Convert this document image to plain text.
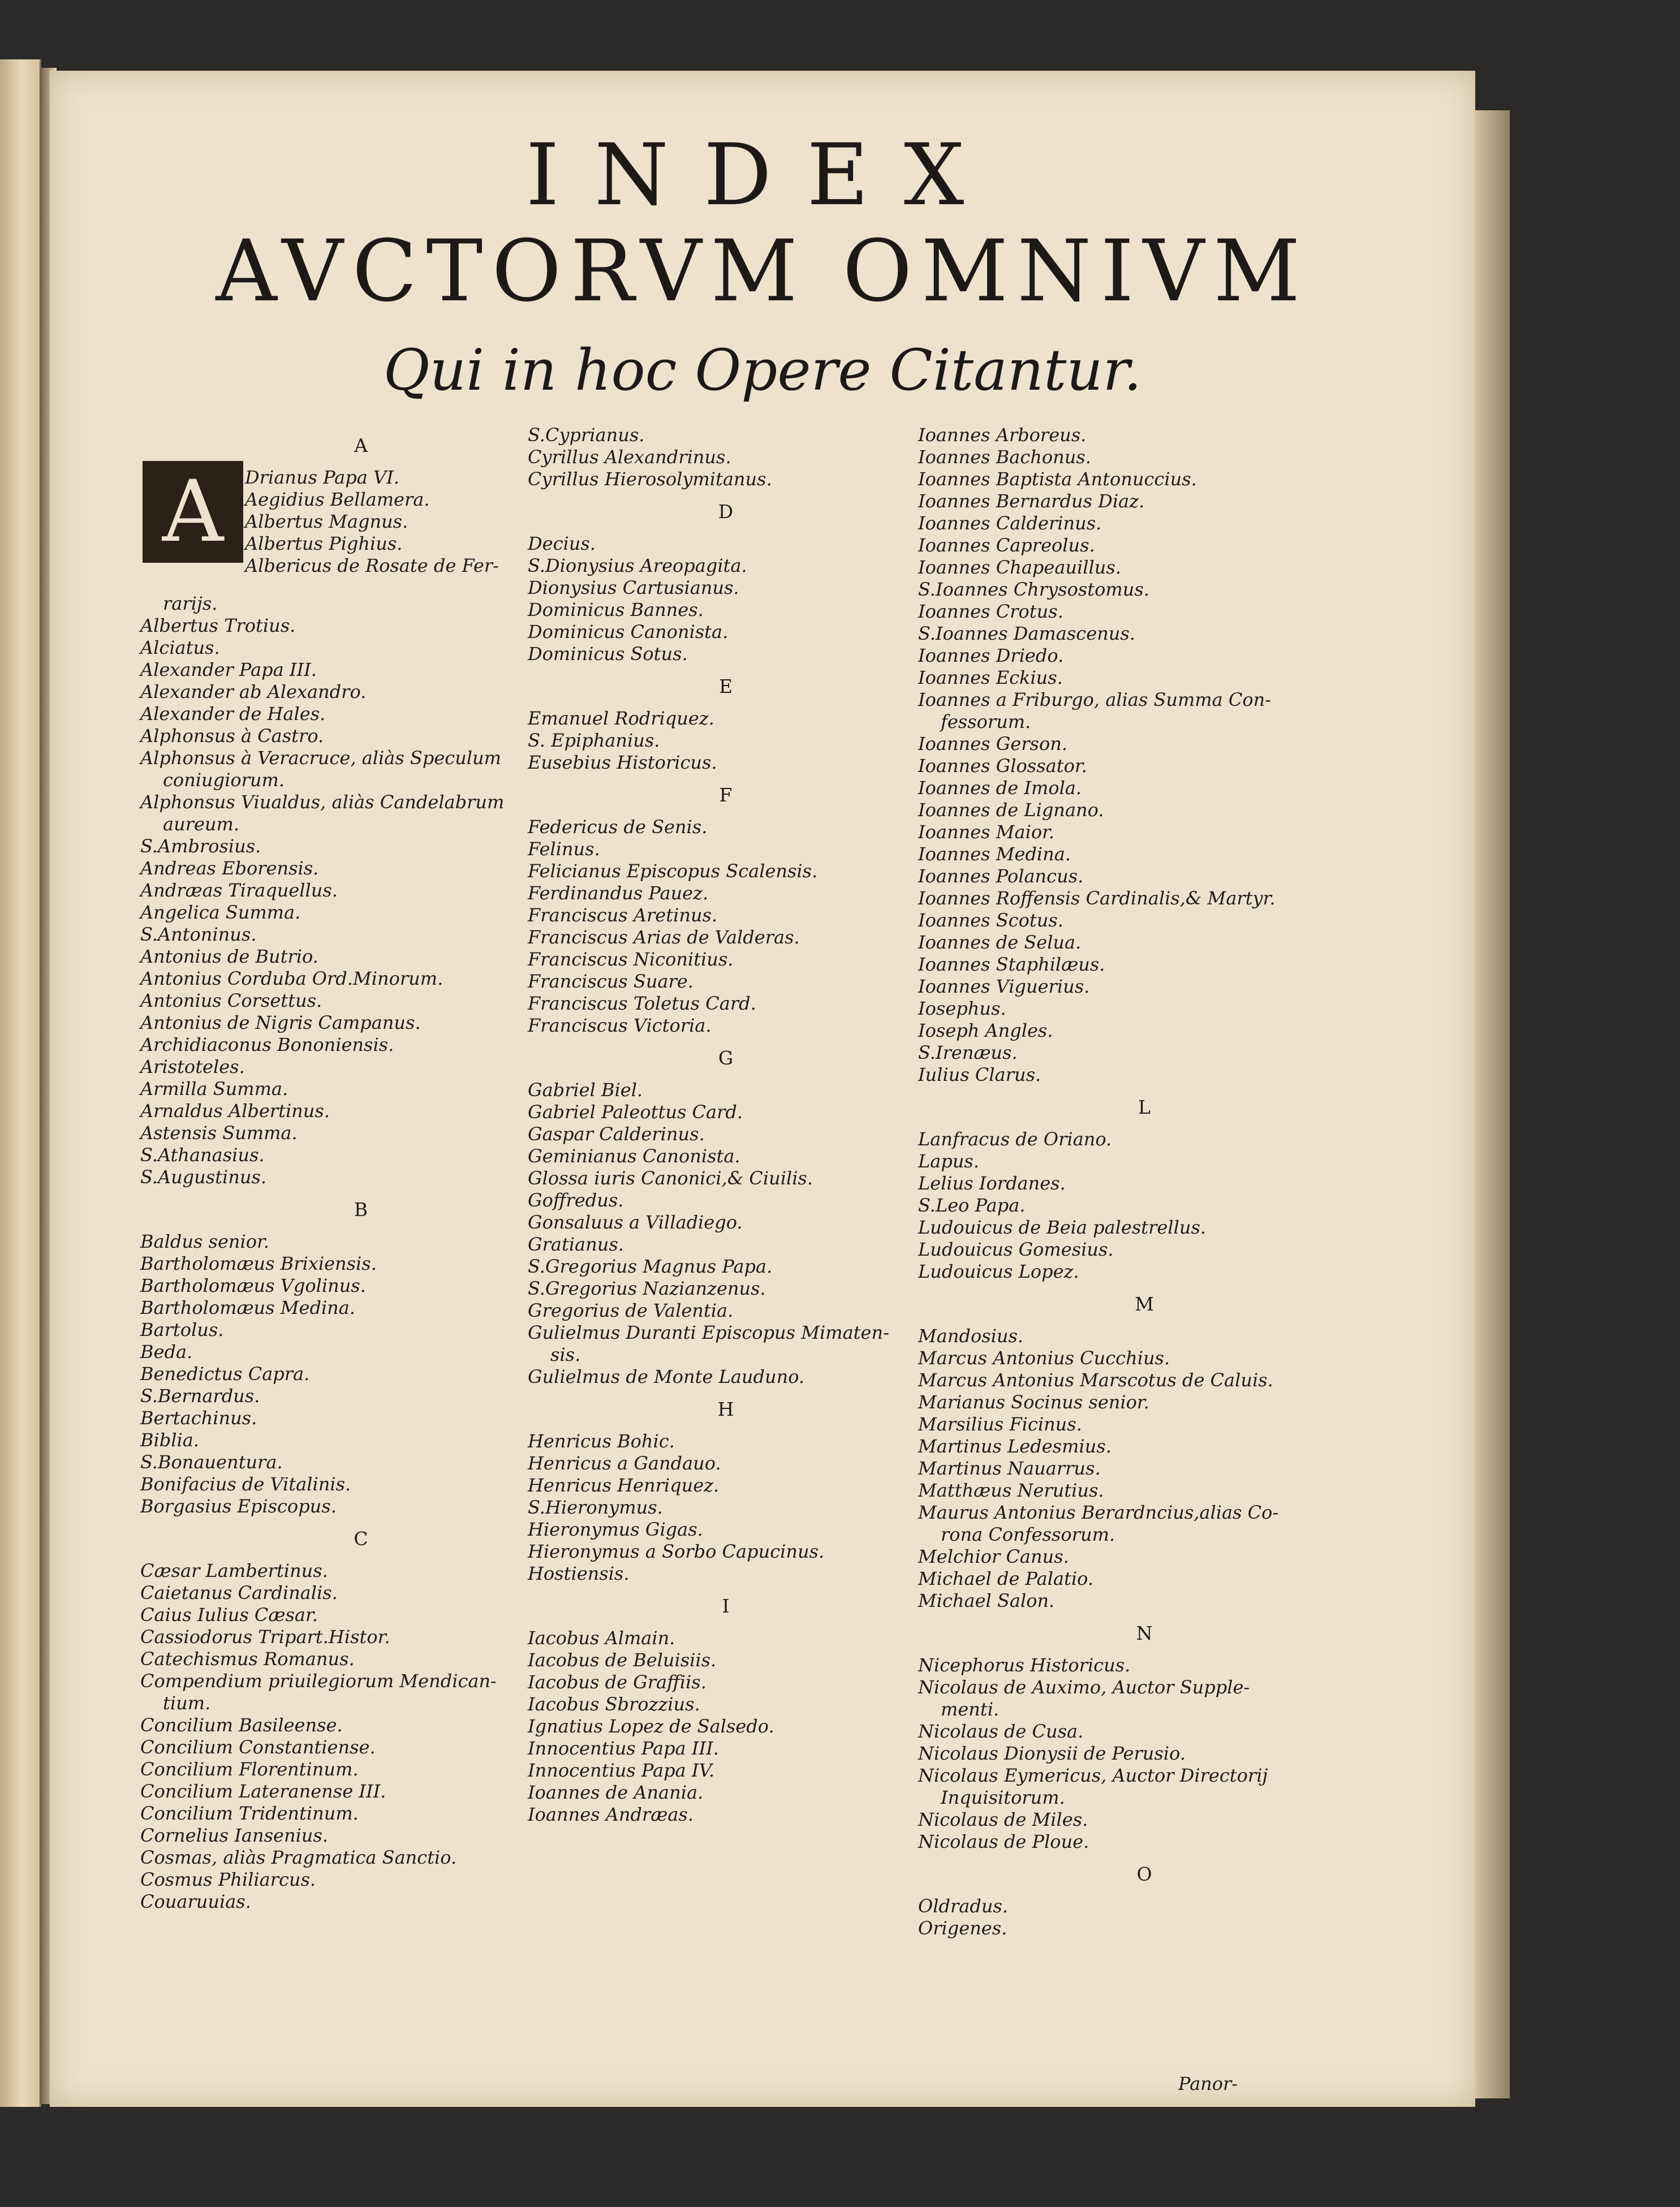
INDEX
AVCTORVM OMNIVM
Qui in hoc Opere Citantur.
A
A
Drianus Papa VI.
Aegidius Bellamera.
Albertus Magnus.
Albertus Pighius.
Albericus de Rosate de Fer-
rarijs.
Albertus Trotius.
Alciatus.
Alexander Papa III.
Alexander ab Alexandro.
Alexander de Hales.
Alphonsus à Castro.
Alphonsus à Veracruce, aliàs Speculum
coniugiorum.
Alphonsus Viualdus, aliàs Candelabrum
aureum.
S.Ambrosius.
Andreas Eborensis.
Andræas Tiraquellus.
Angelica Summa.
S.Antoninus.
Antonius de Butrio.
Antonius Corduba Ord.Minorum.
Antonius Corsettus.
Antonius de Nigris Campanus.
Archidiaconus Bononiensis.
Aristoteles.
Armilla Summa.
Arnaldus Albertinus.
Astensis Summa.
S.Athanasius.
S.Augustinus.
B
Baldus senior.
Bartholomæus Brixiensis.
Bartholomæus Vgolinus.
Bartholomæus Medina.
Bartolus.
Beda.
Benedictus Capra.
S.Bernardus.
Bertachinus.
Biblia.
S.Bonauentura.
Bonifacius de Vitalinis.
Borgasius Episcopus.
C
Cæsar Lambertinus.
Caietanus Cardinalis.
Caius Iulius Cæsar.
Cassiodorus Tripart.Histor.
Catechismus Romanus.
Compendium priuilegiorum Mendican-
tium.
Concilium Basileense.
Concilium Constantiense.
Concilium Florentinum.
Concilium Lateranense III.
Concilium Tridentinum.
Cornelius Iansenius.
Cosmas, aliàs Pragmatica Sanctio.
Cosmus Philiarcus.
Couaruuias.
S.Cyprianus.
Cyrillus Alexandrinus.
Cyrillus Hierosolymitanus.
D
Decius.
S.Dionysius Areopagita.
Dionysius Cartusianus.
Dominicus Bannes.
Dominicus Canonista.
Dominicus Sotus.
E
Emanuel Rodriquez.
S. Epiphanius.
Eusebius Historicus.
F
Federicus de Senis.
Felinus.
Felicianus Episcopus Scalensis.
Ferdinandus Pauez.
Franciscus Aretinus.
Franciscus Arias de Valderas.
Franciscus Niconitius.
Franciscus Suare.
Franciscus Toletus Card.
Franciscus Victoria.
G
Gabriel Biel.
Gabriel Paleottus Card.
Gaspar Calderinus.
Geminianus Canonista.
Glossa iuris Canonici,& Ciuilis.
Goffredus.
Gonsaluus a Villadiego.
Gratianus.
S.Gregorius Magnus Papa.
S.Gregorius Nazianzenus.
Gregorius de Valentia.
Gulielmus Duranti Episcopus Mimaten-
sis.
Gulielmus de Monte Lauduno.
H
Henricus Bohic.
Henricus a Gandauo.
Henricus Henriquez.
S.Hieronymus.
Hieronymus Gigas.
Hieronymus a Sorbo Capucinus.
Hostiensis.
I
Iacobus Almain.
Iacobus de Beluisiis.
Iacobus de Graffiis.
Iacobus Sbrozzius.
Ignatius Lopez de Salsedo.
Innocentius Papa III.
Innocentius Papa IV.
Ioannes de Anania.
Ioannes Andræas.
Ioannes Arboreus.
Ioannes Bachonus.
Ioannes Baptista Antonuccius.
Ioannes Bernardus Diaz.
Ioannes Calderinus.
Ioannes Capreolus.
Ioannes Chapeauillus.
S.Ioannes Chrysostomus.
Ioannes Crotus.
S.Ioannes Damascenus.
Ioannes Driedo.
Ioannes Eckius.
Ioannes a Friburgo, alias Summa Con-
fessorum.
Ioannes Gerson.
Ioannes Glossator.
Ioannes de Imola.
Ioannes de Lignano.
Ioannes Maior.
Ioannes Medina.
Ioannes Polancus.
Ioannes Roffensis Cardinalis,& Martyr.
Ioannes Scotus.
Ioannes de Selua.
Ioannes Staphilæus.
Ioannes Viguerius.
Iosephus.
Ioseph Angles.
S.Irenæus.
Iulius Clarus.
L
Lanfracus de Oriano.
Lapus.
Lelius Iordanes.
S.Leo Papa.
Ludouicus de Beia palestrellus.
Ludouicus Gomesius.
Ludouicus Lopez.
M
Mandosius.
Marcus Antonius Cucchius.
Marcus Antonius Marscotus de Caluis.
Marianus Socinus senior.
Marsilius Ficinus.
Martinus Ledesmius.
Martinus Nauarrus.
Matthæus Nerutius.
Maurus Antonius Berardncius,alias Co-
rona Confessorum.
Melchior Canus.
Michael de Palatio.
Michael Salon.
N
Nicephorus Historicus.
Nicolaus de Auximo, Auctor Supple-
menti.
Nicolaus de Cusa.
Nicolaus Dionysii de Perusio.
Nicolaus Eymericus, Auctor Directorij
Inquisitorum.
Nicolaus de Miles.
Nicolaus de Ploue.
O
Oldradus.
Origenes.
Panor-
